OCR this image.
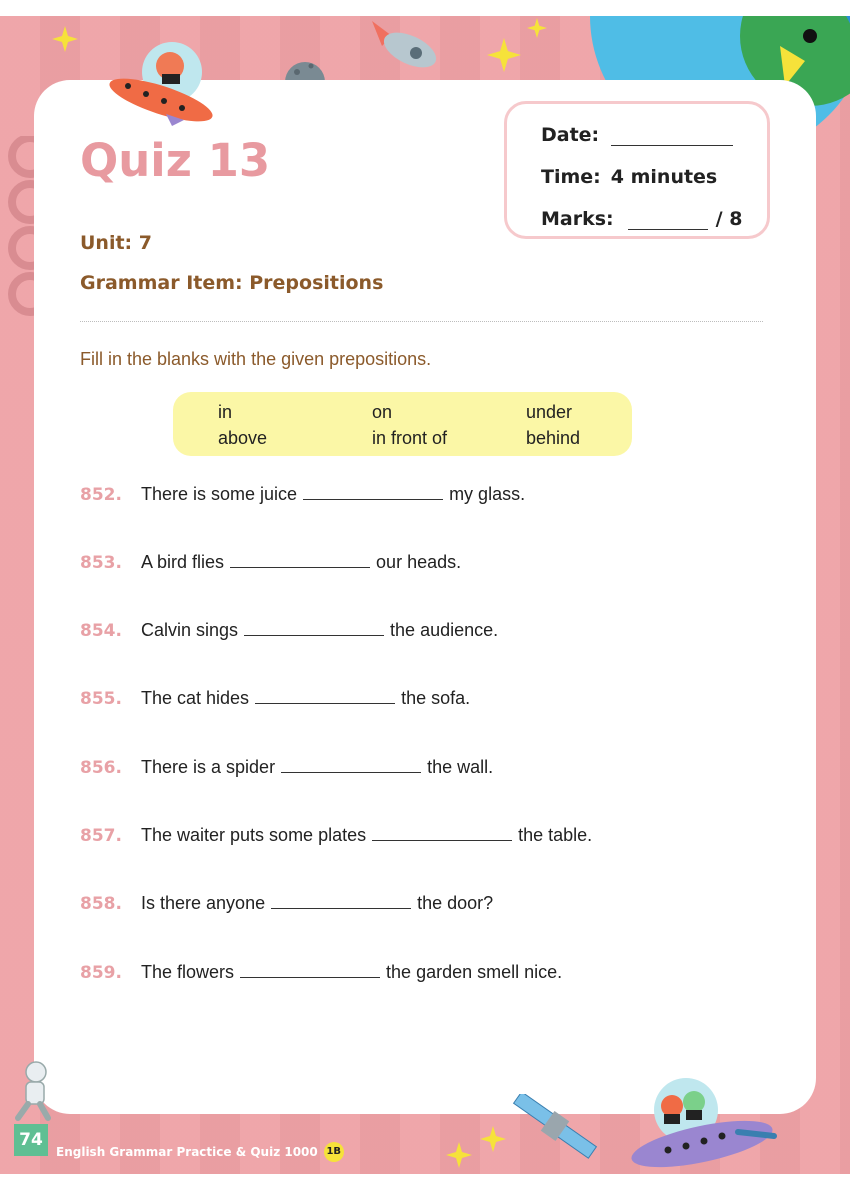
Quiz 13
Unit: 7
Grammar Item: Prepositions
Date:
Time: 4 minutes
Marks:	/ 8
Fill in the blanks with the given prepositions.
in	on	under
above	in front of	behind
852.	There is some juice	my glass.
853.	A bird flies	our heads.
854.	Calvin sings	the audience.
855.	The cat hides	the sofa.
856.	There is a spider	the wall.
857.	The waiter puts some plates	the table.
858.	Is there anyone	the door?
859.	The flowers	the garden smell nice.
74
English Grammar Practice & Quiz 1000 1B
